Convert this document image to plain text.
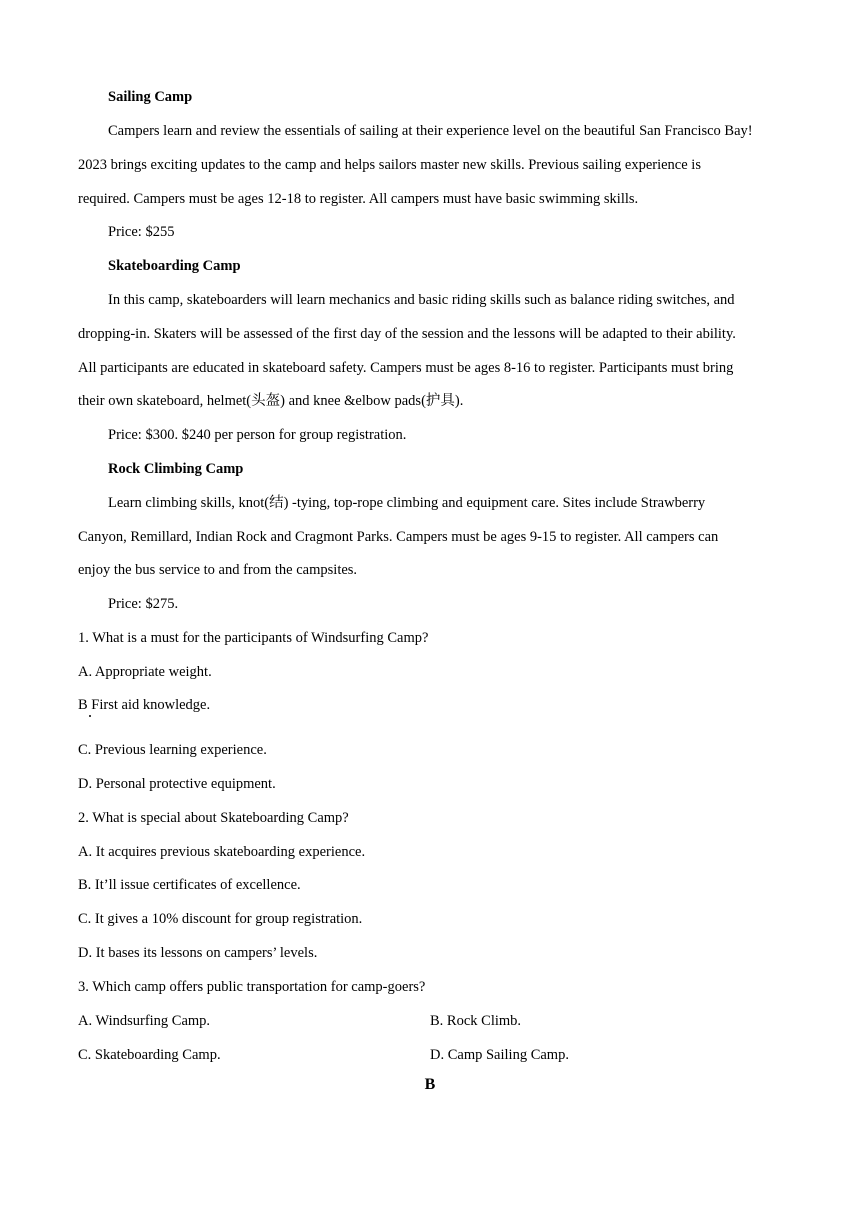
Sailing Camp
Campers learn and review the essentials of sailing at their experience level on the beautiful San Francisco Bay!
2023 brings exciting updates to the camp and helps sailors master new skills. Previous sailing experience is
required. Campers must be ages 12-18 to register. All campers must have basic swimming skills.
Price: $255
Skateboarding Camp
In this camp, skateboarders will learn mechanics and basic riding skills such as balance riding switches, and
dropping-in. Skaters will be assessed of the first day of the session and the lessons will be adapted to their ability.
All participants are educated in skateboard safety. Campers must be ages 8-16 to register. Participants must bring
their own skateboard, helmet(头盔) and knee &elbow pads(护具).
Price: $300. $240 per person for group registration.
Rock Climbing Camp
Learn climbing skills, knot(结) -tying, top-rope climbing and equipment care. Sites include Strawberry
Canyon, Remillard, Indian Rock and Cragmont Parks. Campers must be ages 9-15 to register. All campers can
enjoy the bus service to and from the campsites.
Price: $275.
1. What is a must for the participants of Windsurfing Camp?
A. Appropriate weight.
B First aid knowledge.
C. Previous learning experience.
D. Personal protective equipment.
2. What is special about Skateboarding Camp?
A. It acquires previous skateboarding experience.
B. It’ll issue certificates of excellence.
C. It gives a 10% discount for group registration.
D. It bases its lessons on campers’ levels.
3. Which camp offers public transportation for camp-goers?
A. Windsurfing Camp.	B. Rock Climb.
C. Skateboarding Camp.	D. Camp Sailing Camp.
B
